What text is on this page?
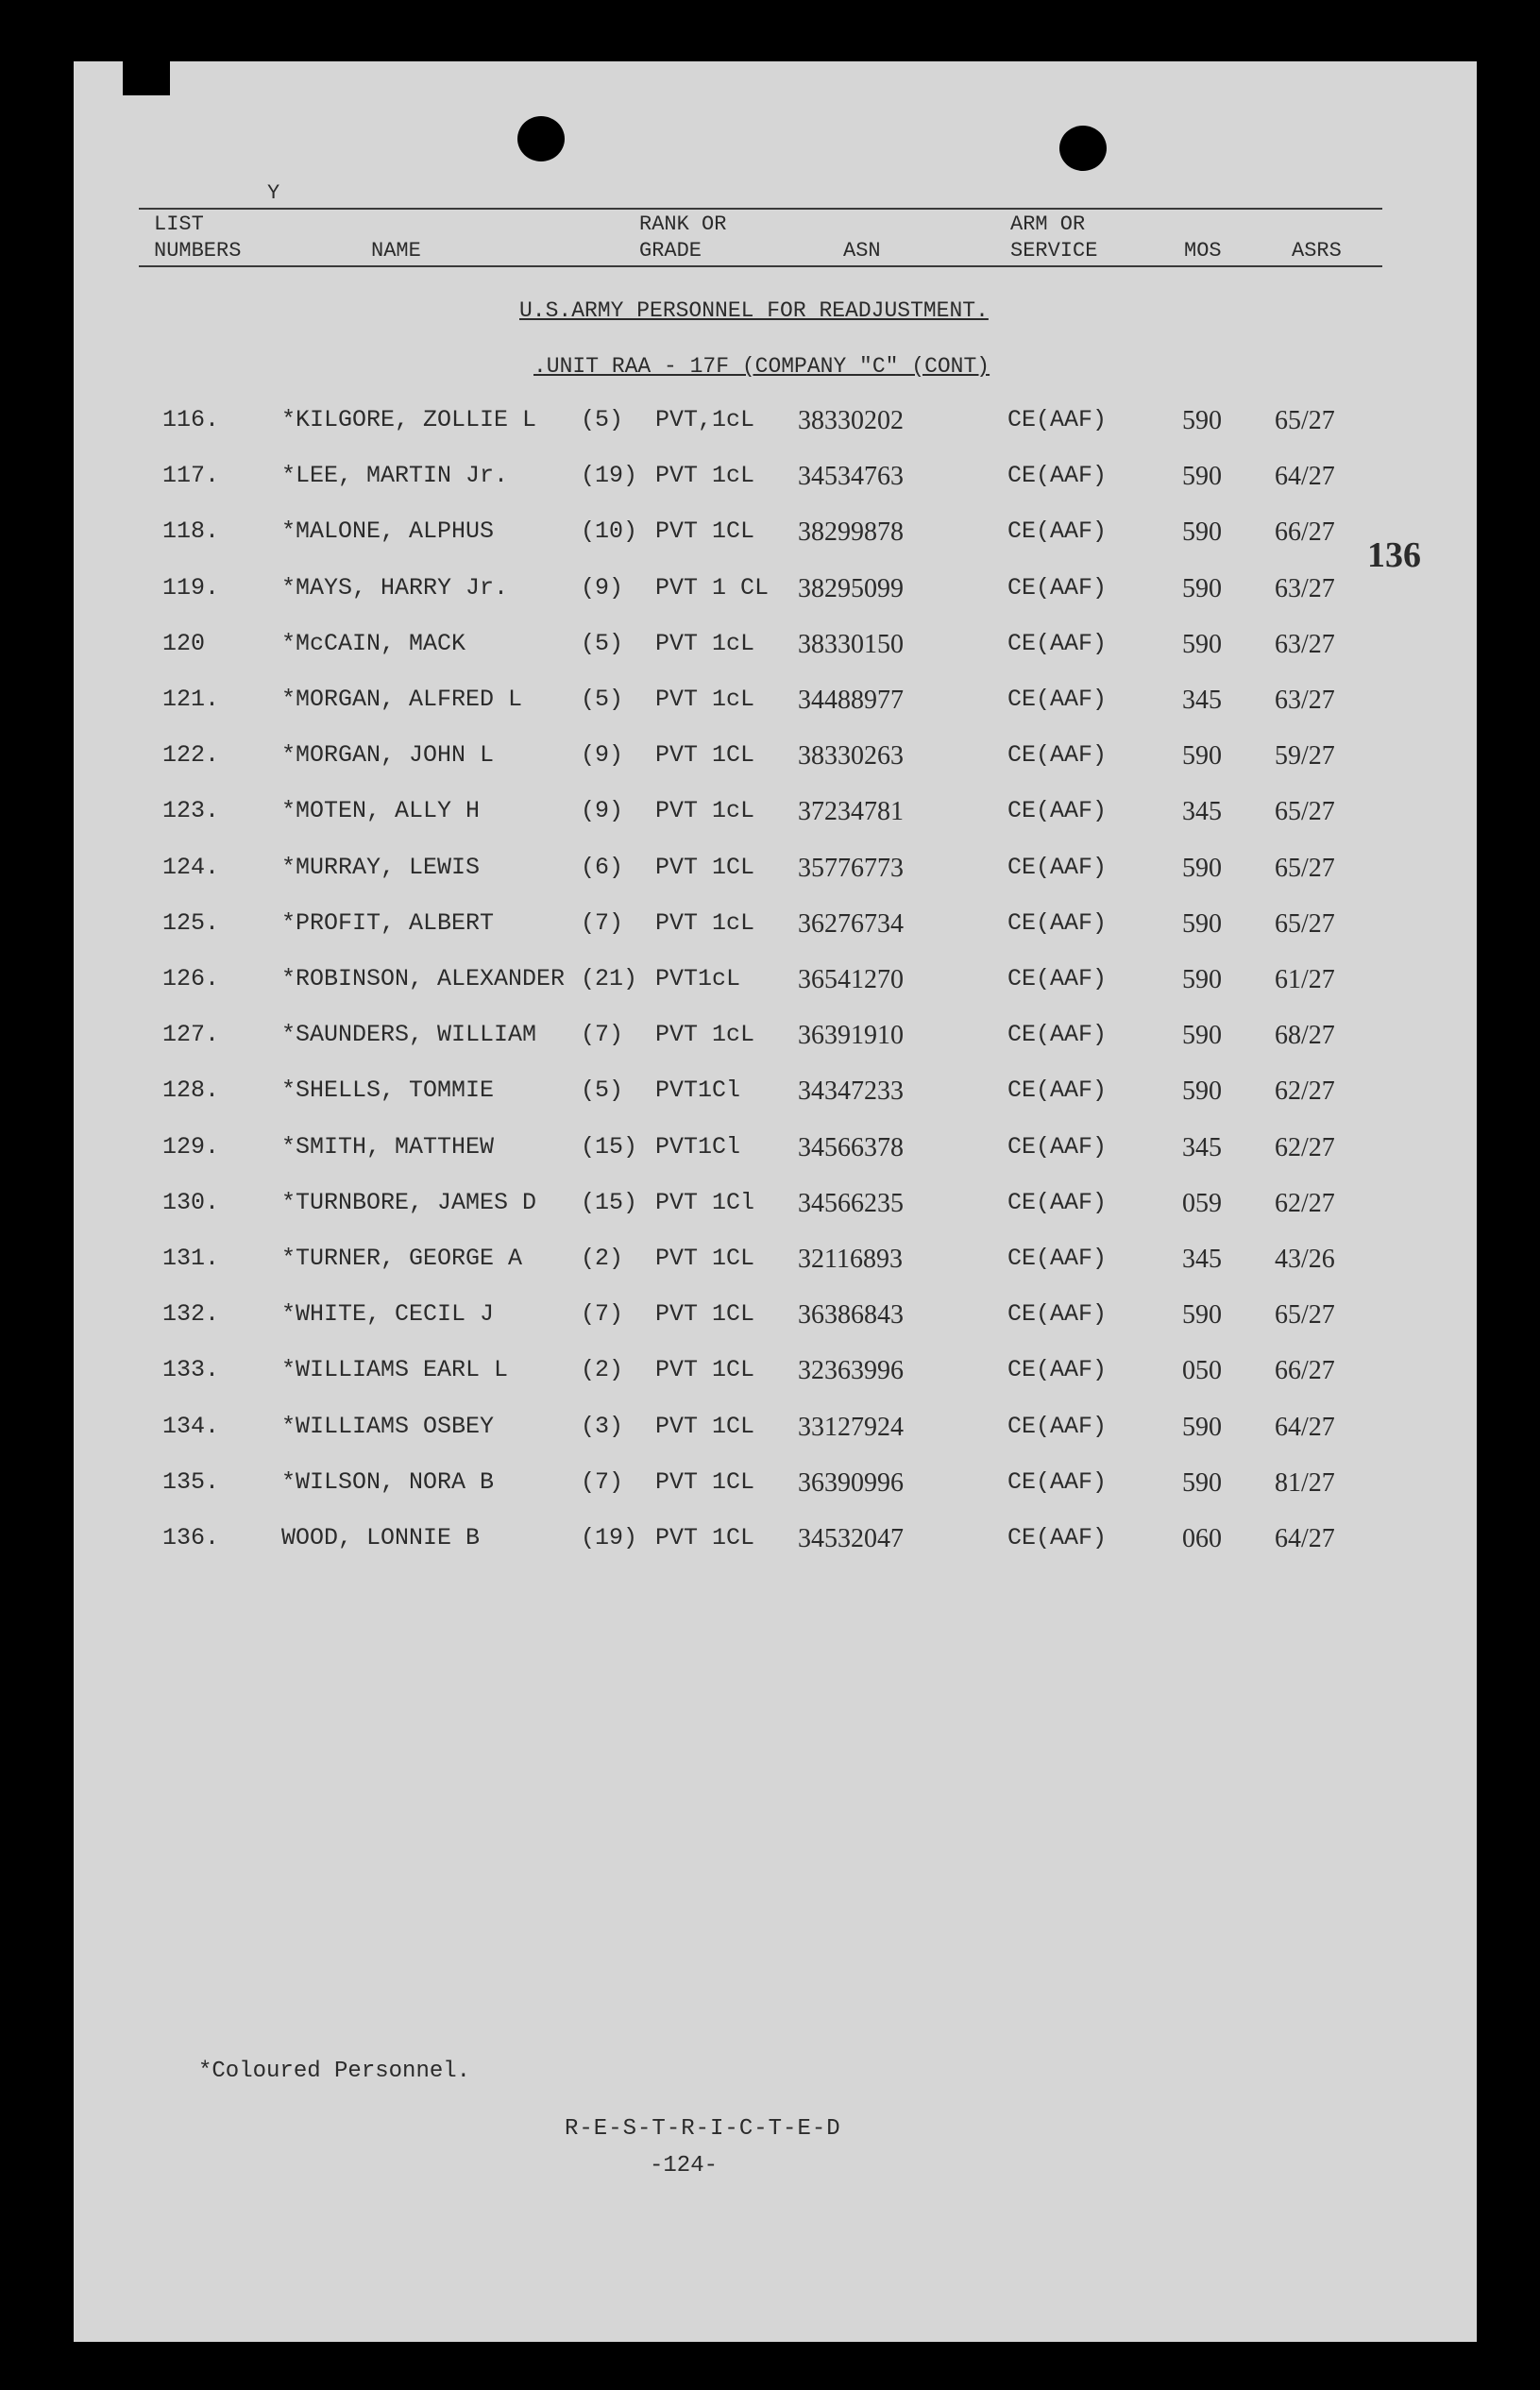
Y
LIST
NUMBERS	NAME
RANK OR
GRADE	ASN
ARM OR
SERVICE	MOS	ASRS
U.S.ARMY PERSONNEL FOR READJUSTMENT.
.UNIT RAA - 17F (COMPANY "C" (CONT)
136
116.	*KILGORE, ZOLLIE L (5) PVT,1cL 38330202	CE(AAF)	590 65/27
117.	*LEE, MARTIN Jr.	(19) PVT 1cL 34534763	CE(AAF)	590 64/27
118.	*MALONE, ALPHUS	(10) PVT 1CL 38299878	CE(AAF)	590 66/27
119.	*MAYS, HARRY Jr.	(9) PVT 1 CL 38295099	CE(AAF)	590 63/27
120	*McCAIN, MACK	(5) PVT 1cL 38330150	CE(AAF)	590 63/27
121.	*MORGAN, ALFRED L (5) PVT 1cL 34488977	CE(AAF)	345 63/27
122.	*MORGAN, JOHN L	(9) PVT 1CL 38330263	CE(AAF)	590 59/27
123.	*MOTEN, ALLY H	(9) PVT 1cL 37234781	CE(AAF)	345 65/27
124.	*MURRAY, LEWIS	(6) PVT 1CL 35776773	CE(AAF)	590 65/27
125.	*PROFIT, ALBERT	(7) PVT 1cL 36276734	CE(AAF)	590 65/27
126.	*ROBINSON, ALEXANDER (21) PVT1cL 36541270	CE(AAF)	590 61/27
127.	*SAUNDERS, WILLIAM (7) PVT 1cL 36391910	CE(AAF)	590 68/27
128.	*SHELLS, TOMMIE	(5) PVT1Cl 34347233	CE(AAF)	590 62/27
129.	*SMITH, MATTHEW	(15) PVT1Cl 34566378	CE(AAF)	345 62/27
130.	*TURNBORE, JAMES D (15) PVT 1Cl 34566235	CE(AAF)	059 62/27
131.	*TURNER, GEORGE A (2) PVT 1CL 32116893	CE(AAF)	345 43/26
132.	*WHITE, CECIL J	(7) PVT 1CL 36386843	CE(AAF)	590 65/27
133.	*WILLIAMS EARL L	(2) PVT 1CL 32363996	CE(AAF)	050 66/27
134.	*WILLIAMS OSBEY	(3) PVT 1CL 33127924	CE(AAF)	590 64/27
135.	*WILSON, NORA B	(7) PVT 1CL 36390996	CE(AAF)	590 81/27
136.	WOOD, LONNIE B	(19) PVT 1CL 34532047	CE(AAF)	060 64/27
*Coloured Personnel.
R-E-S-T-R-I-C-T-E-D
-124-
